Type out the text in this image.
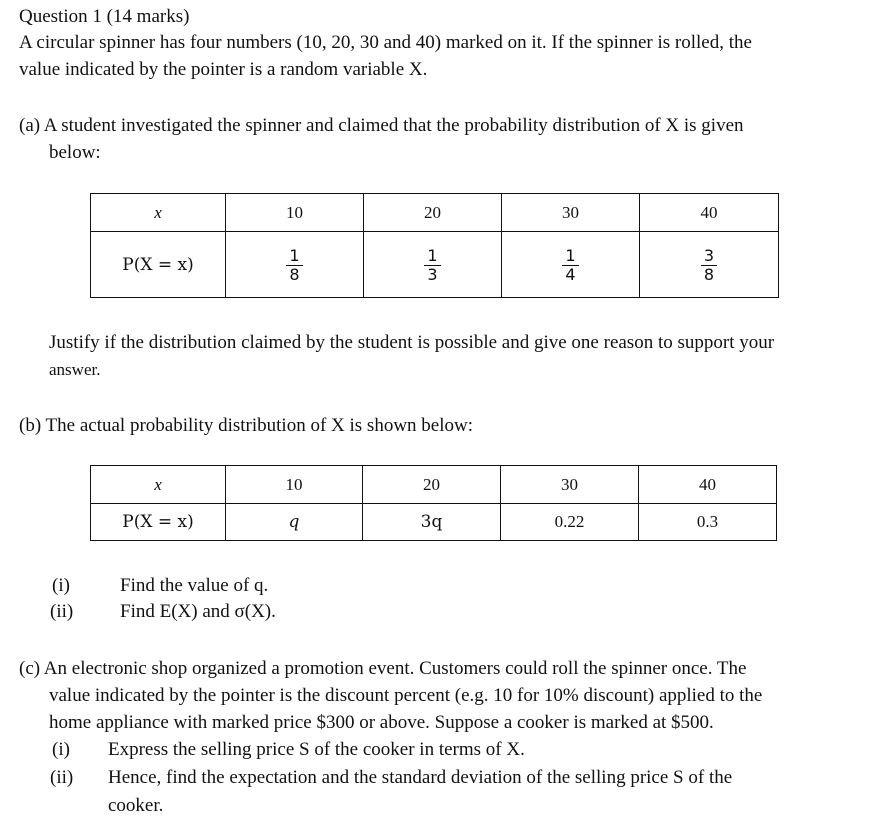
Question 1 (14 marks)
A circular spinner has four numbers (10, 20, 30 and 40) marked on it. If the spinner is rolled, the
value indicated by the pointer is a random variable X.
(a) A student investigated the spinner and claimed that the probability distribution of X is given
below:
x	10	20	30	40
P(X = x)	$\frac{1}{8}$	$\frac{1}{3}$	$\frac{1}{4}$	$\frac{3}{8}$
Justify if the distribution claimed by the student is possible and give one reason to support your
answer.
(b) The actual probability distribution of X is shown below:
x	10	20	30	40
P(X = x)	q	3q	0.22	0.3
(i)	Find the value of q.
(ii) Find E(X) and σ(X).
(c) An electronic shop organized a promotion event. Customers could roll the spinner once. The
value indicated by the pointer is the discount percent (e.g. 10 for 10% discount) applied to the
home appliance with marked price $300 or above. Suppose a cooker is marked at $500.
(i) Express the selling price S of the cooker in terms of X.
(ii) Hence, find the expectation and the standard deviation of the selling price S of the
cooker.
